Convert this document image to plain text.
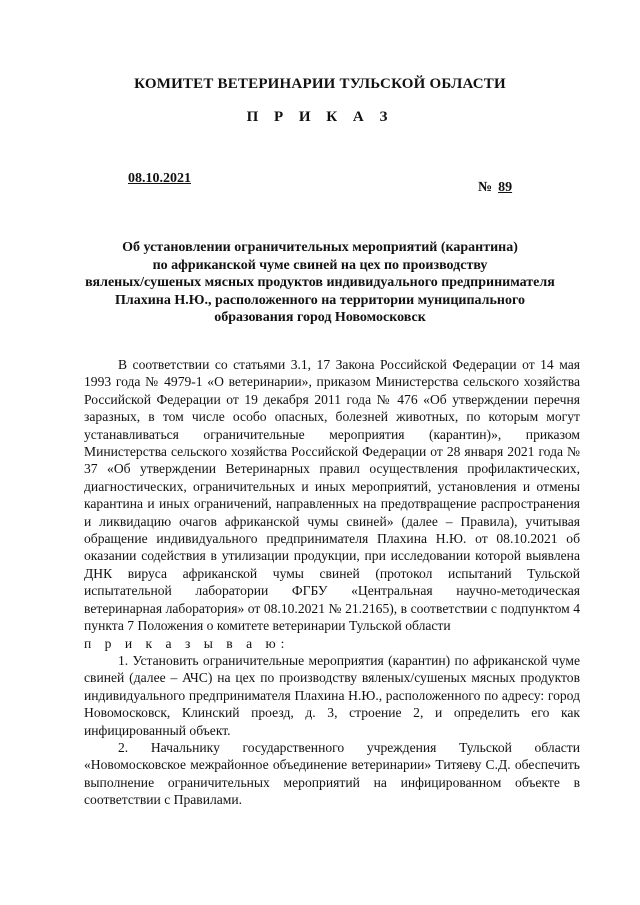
КОМИТЕТ ВЕТЕРИНАРИИ ТУЛЬСКОЙ ОБЛАСТИ
П Р И К А З
08.10.2021
№ 89
Об установлении ограничительных мероприятий (карантина)
по африканской чуме свиней на цех по производству
вяленых/сушеных мясных продуктов индивидуального предпринимателя
Плахина Н.Ю., расположенного на территории муниципального
образования город Новомосковск

В соответствии со статьями 3.1, 17 Закона Российской Федерации от 14 мая 1993 года № 4979-1 «О ветеринарии», приказом Министерства сельского хозяйства Российской Федерации от 19 декабря 2011 года № 476 «Об утверждении перечня заразных, в том числе особо опасных, болезней животных, по которым могут устанавливаться ограничительные мероприятия (карантин)», приказом Министерства сельского хозяйства Российской Федерации от 28 января 2021 года № 37 «Об утверждении Ветеринарных правил осуществления профилактических, диагностических, ограничительных и иных мероприятий, установления и отмены карантина и иных ограничений, направленных на предотвращение распространения и ликвидацию очагов африканской чумы свиней» (далее – Правила), учитывая обращение индивидуального предпринимателя Плахина Н.Ю. от 08.10.2021 об оказании содействия в утилизации продукции, при исследовании которой выявлена ДНК вируса африканской чумы свиней (протокол испытаний Тульской испытательной лаборатории ФГБУ «Центральная научно-методическая ветеринарная лаборатория» от 08.10.2021 № 21.2165), в соответствии с подпунктом 4 пункта 7 Положения о комитете ветеринарии Тульской области

п р и к а з ы в а ю:

1. Установить ограничительные мероприятия (карантин) по африканской чуме свиней (далее – АЧС) на цех по производству вяленых/сушеных мясных продуктов индивидуального предпринимателя Плахина Н.Ю., расположенного по адресу: город Новомосковск, Клинский проезд, д. 3, строение 2, и определить его как инфицированный объект.

2. Начальнику государственного учреждения Тульской области «Новомосковское межрайонное объединение ветеринарии» Титяеву С.Д. обеспечить выполнение ограничительных мероприятий на инфицированном объекте в соответствии с Правилами.
